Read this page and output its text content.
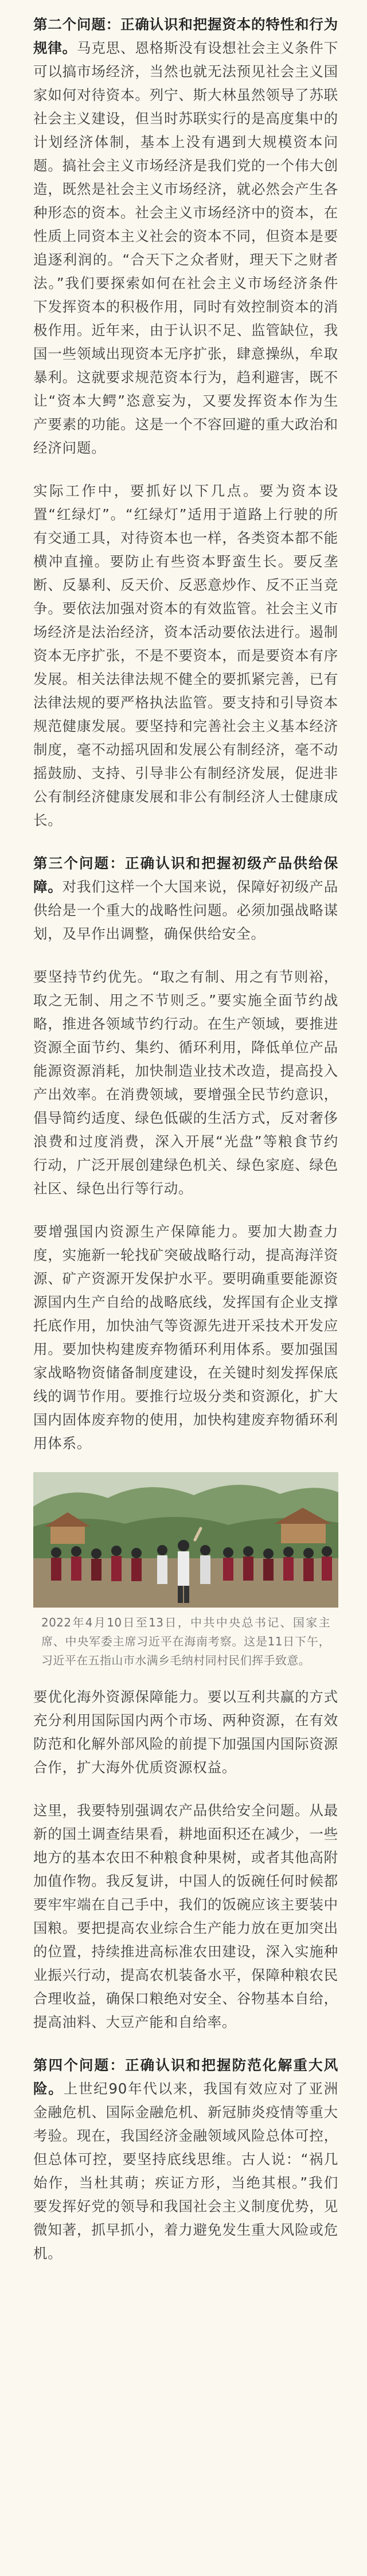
第二个问题：正确认识和把握资本的特性和行为规律。马克思、恩格斯没有设想社会主义条件下可以搞市场经济，当然也就无法预见社会主义国家如何对待资本。列宁、斯大林虽然领导了苏联社会主义建设，但当时苏联实行的是高度集中的计划经济体制，基本上没有遇到大规模资本问题。搞社会主义市场经济是我们党的一个伟大创造，既然是社会主义市场经济，就必然会产生各种形态的资本。社会主义市场经济中的资本，在性质上同资本主义社会的资本不同，但资本是要追逐利润的。“合天下之众者财，理天下之财者法。”我们要探索如何在社会主义市场经济条件下发挥资本的积极作用，同时有效控制资本的消极作用。近年来，由于认识不足、监管缺位，我国一些领域出现资本无序扩张，肆意操纵，牟取暴利。这就要求规范资本行为，趋利避害，既不让“资本大鳄”恣意妄为，又要发挥资本作为生产要素的功能。这是一个不容回避的重大政治和经济问题。

实际工作中，要抓好以下几点。要为资本设置“红绿灯”。“红绿灯”适用于道路上行驶的所有交通工具，对待资本也一样，各类资本都不能横冲直撞。要防止有些资本野蛮生长。要反垄断、反暴利、反天价、反恶意炒作、反不正当竞争。要依法加强对资本的有效监管。社会主义市场经济是法治经济，资本活动要依法进行。遏制资本无序扩张，不是不要资本，而是要资本有序发展。相关法律法规不健全的要抓紧完善，已有法律法规的要严格执法监管。要支持和引导资本规范健康发展。要坚持和完善社会主义基本经济制度，毫不动摇巩固和发展公有制经济，毫不动摇鼓励、支持、引导非公有制经济发展，促进非公有制经济健康发展和非公有制经济人士健康成长。

第三个问题：正确认识和把握初级产品供给保障。对我们这样一个大国来说，保障好初级产品供给是一个重大的战略性问题。必须加强战略谋划，及早作出调整，确保供给安全。

要坚持节约优先。“取之有制、用之有节则裕，取之无制、用之不节则乏。”要实施全面节约战略，推进各领域节约行动。在生产领域，要推进资源全面节约、集约、循环利用，降低单位产品能源资源消耗，加快制造业技术改造，提高投入产出效率。在消费领域，要增强全民节约意识，倡导简约适度、绿色低碳的生活方式，反对奢侈浪费和过度消费，深入开展“光盘”等粮食节约行动，广泛开展创建绿色机关、绿色家庭、绿色社区、绿色出行等行动。

要增强国内资源生产保障能力。要加大勘查力度，实施新一轮找矿突破战略行动，提高海洋资源、矿产资源开发保护水平。要明确重要能源资源国内生产自给的战略底线，发挥国有企业支撑托底作用，加快油气等资源先进开采技术开发应用。要加快构建废弃物循环利用体系。要加强国家战略物资储备制度建设，在关键时刻发挥保底线的调节作用。要推行垃圾分类和资源化，扩大国内固体废弃物的使用，加快构建废弃物循环利用体系。

2022年4月10日至13日，中共中央总书记、国家主席、中央军委主席习近平在海南考察。这是11日下午，习近平在五指山市水满乡毛纳村同村民们挥手致意。

要优化海外资源保障能力。要以互利共赢的方式充分利用国际国内两个市场、两种资源，在有效防范和化解外部风险的前提下加强国内国际资源合作，扩大海外优质资源权益。

这里，我要特别强调农产品供给安全问题。从最新的国土调查结果看，耕地面积还在减少，一些地方的基本农田不种粮食种果树，或者其他高附加值作物。我反复讲，中国人的饭碗任何时候都要牢牢端在自己手中，我们的饭碗应该主要装中国粮。要把提高农业综合生产能力放在更加突出的位置，持续推进高标准农田建设，深入实施种业振兴行动，提高农机装备水平，保障种粮农民合理收益，确保口粮绝对安全、谷物基本自给，提高油料、大豆产能和自给率。

第四个问题：正确认识和把握防范化解重大风险。上世纪90年代以来，我国有效应对了亚洲金融危机、国际金融危机、新冠肺炎疫情等重大考验。现在，我国经济金融领域风险总体可控，但总体可控，要坚持底线思维。古人说：“祸几始作，当杜其萌；疾证方形，当绝其根。”我们要发挥好党的领导和我国社会主义制度优势，见微知著，抓早抓小，着力避免发生重大风险或危机。
